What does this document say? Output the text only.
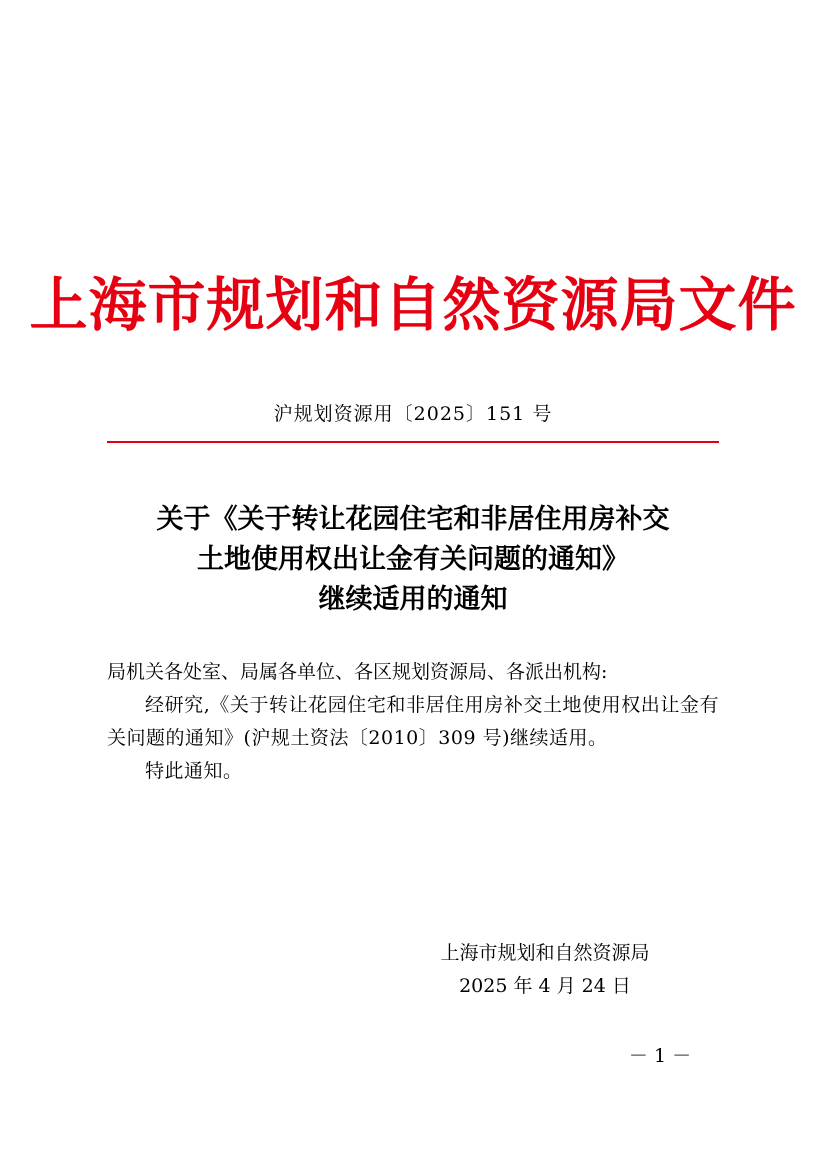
上海市规划和自然资源局文件
沪规划资源用〔2025〕151 号
关于《关于转让花园住宅和非居住用房补交
土地使用权出让金有关问题的通知》
继续适用的通知
局机关各处室、局属各单位、各区规划资源局、各派出机构:
经研究,《关于转让花园住宅和非居住用房补交土地使用权出让金有关问题的通知》(沪规土资法〔2010〕309 号)继续适用。
特此通知。
上海市规划和自然资源局
2025 年 4 月 24 日
－ 1 －
